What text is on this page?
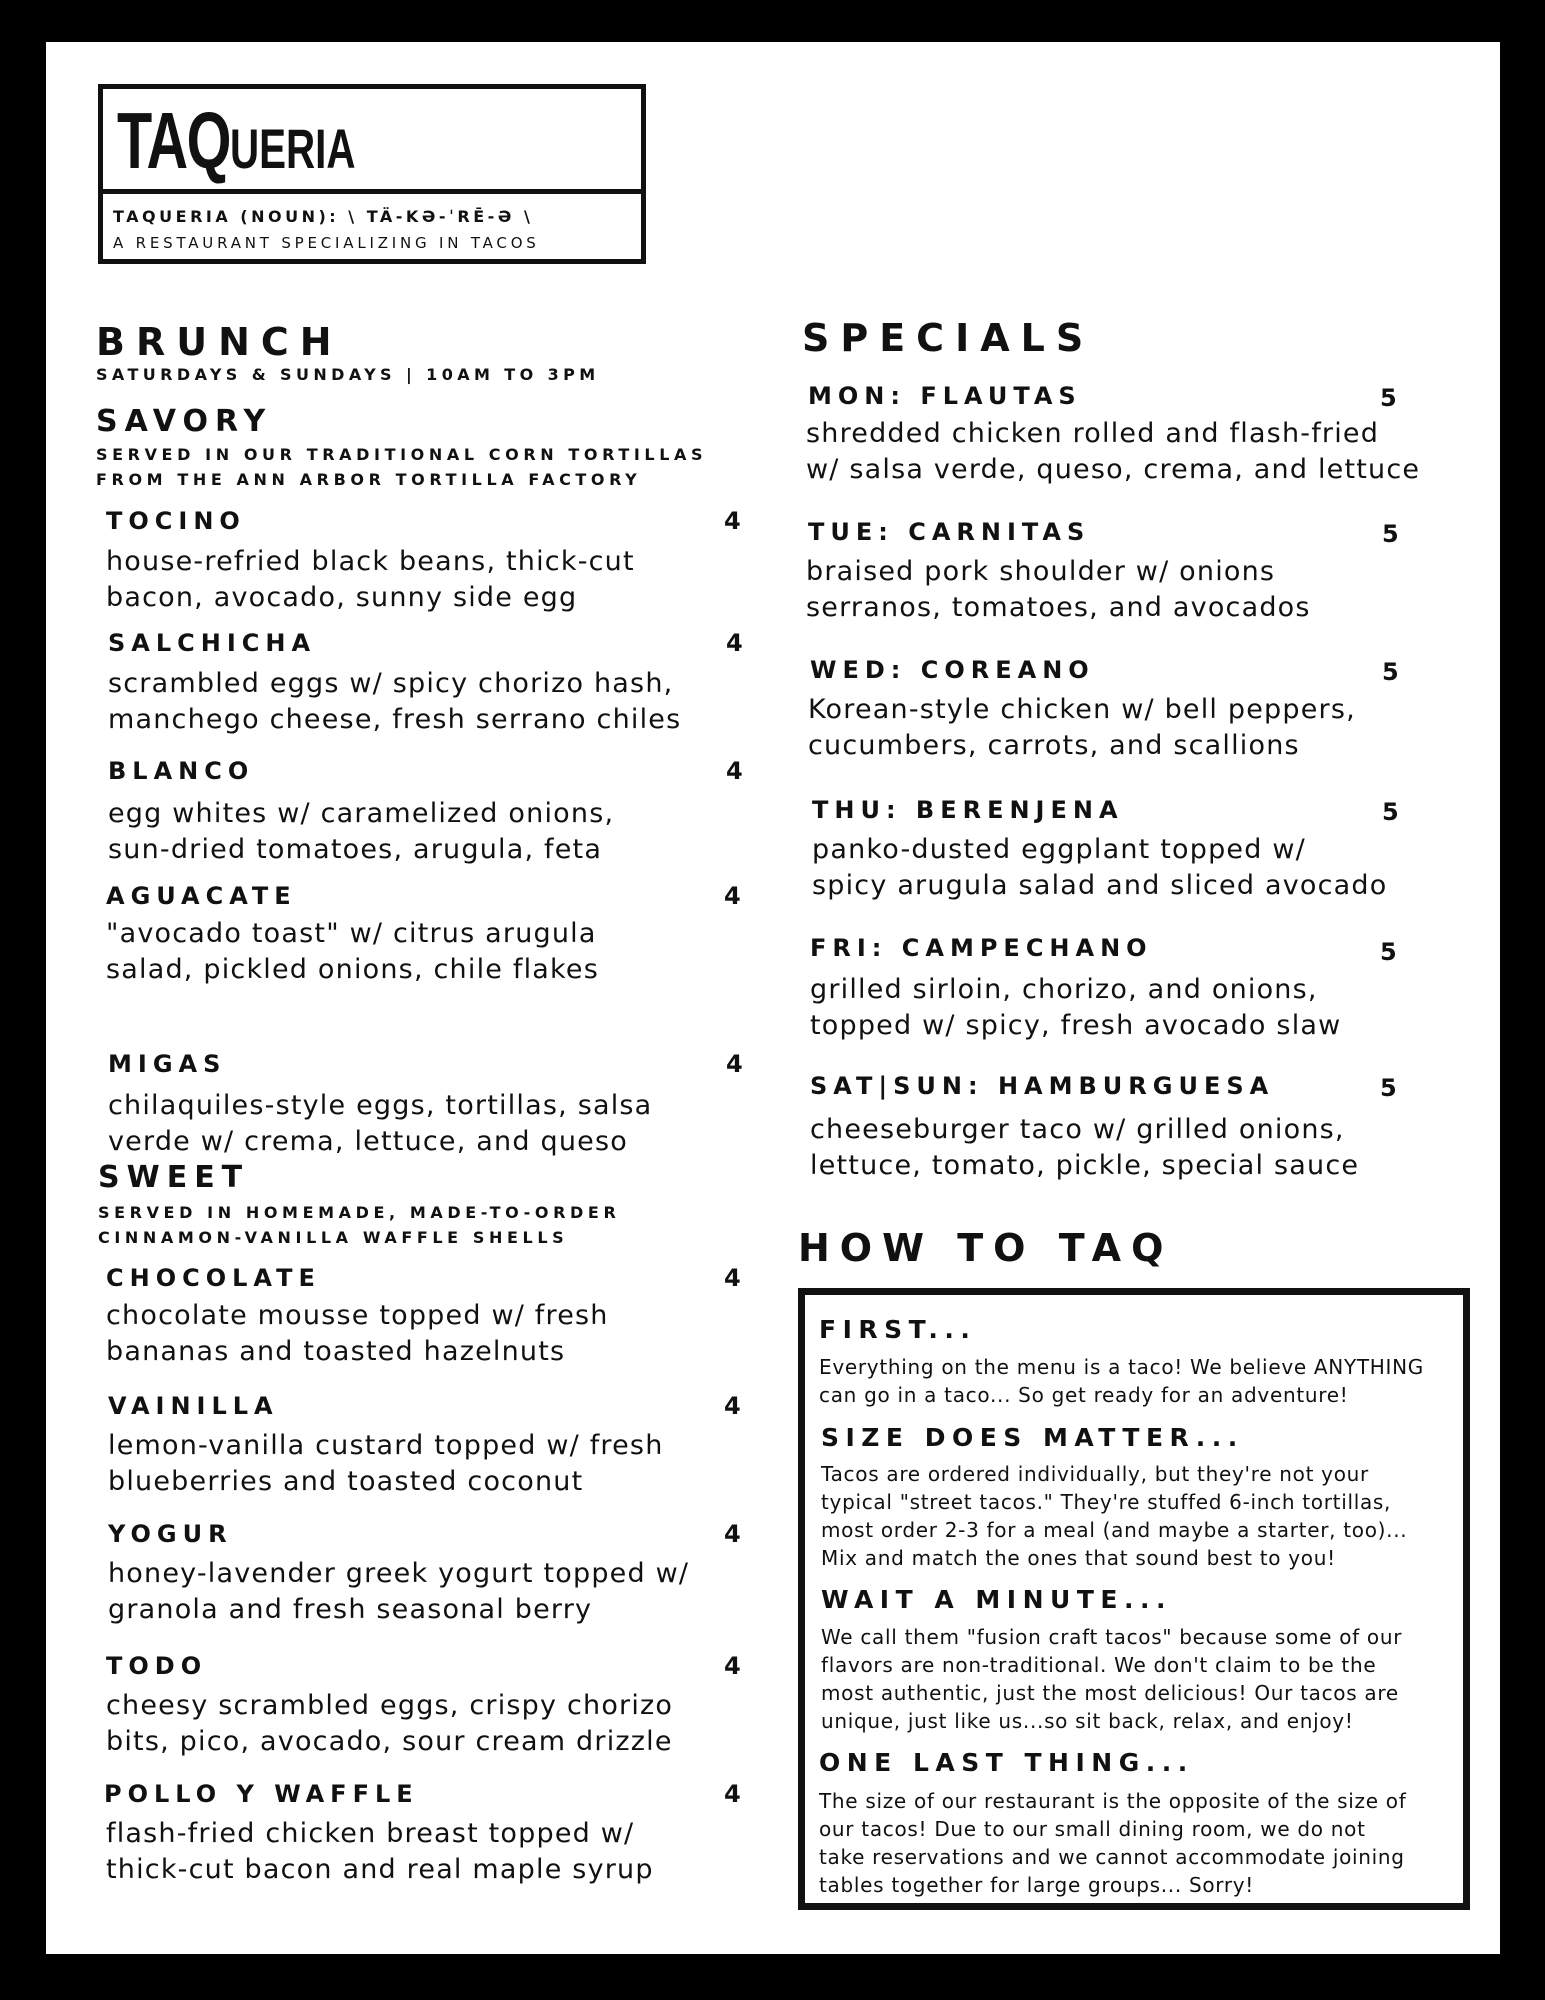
TAQUERIA
TAQUERIA (NOUN): \ TÄ-KƏ-ˈRĒ-Ə \
A RESTAURANT SPECIALIZING IN TACOS
BRUNCH
SATURDAYS & SUNDAYS | 10AM TO 3PM
SAVORY
SERVED IN OUR TRADITIONAL CORN TORTILLAS
FROM THE ANN ARBOR TORTILLA FACTORY
TOCINO	4
house-refried black beans, thick-cut
bacon, avocado, sunny side egg
SALCHICHA	4
scrambled eggs w/ spicy chorizo hash,
manchego cheese, fresh serrano chiles
BLANCO	4
egg whites w/ caramelized onions,
sun-dried tomatoes, arugula, feta
AGUACATE	4
"avocado toast" w/ citrus arugula
salad, pickled onions, chile flakes
MIGAS	4
chilaquiles-style eggs, tortillas, salsa
verde w/ crema, lettuce, and queso
SWEET
SERVED IN HOMEMADE, MADE-TO-ORDER
CINNAMON-VANILLA WAFFLE SHELLS
CHOCOLATE	4
chocolate mousse topped w/ fresh
bananas and toasted hazelnuts
VAINILLA	4
lemon-vanilla custard topped w/ fresh
blueberries and toasted coconut
YOGUR	4
honey-lavender greek yogurt topped w/
granola and fresh seasonal berry
TODO	4
cheesy scrambled eggs, crispy chorizo
bits, pico, avocado, sour cream drizzle
POLLO Y WAFFLE	4
flash-fried chicken breast topped w/
thick-cut bacon and real maple syrup
SPECIALS
MON: FLAUTAS	5
shredded chicken rolled and flash-fried
w/ salsa verde, queso, crema, and lettuce
TUE: CARNITAS	5
braised pork shoulder w/ onions
serranos, tomatoes, and avocados
WED: COREANO	5
Korean-style chicken w/ bell peppers,
cucumbers, carrots, and scallions
THU: BERENJENA	5
panko-dusted eggplant topped w/
spicy arugula salad and sliced avocado
FRI: CAMPECHANO	5
grilled sirloin, chorizo, and onions,
topped w/ spicy, fresh avocado slaw
SAT|SUN: HAMBURGUESA	5
cheeseburger taco w/ grilled onions,
lettuce, tomato, pickle, special sauce
HOW TO TAQ
FIRST...
Everything on the menu is a taco! We believe ANYTHING
can go in a taco... So get ready for an adventure!
SIZE DOES MATTER...
Tacos are ordered individually, but they're not your
typical "street tacos." They're stuffed 6-inch tortillas,
most order 2-3 for a meal (and maybe a starter, too)...
Mix and match the ones that sound best to you!
WAIT A MINUTE...
We call them "fusion craft tacos" because some of our
flavors are non-traditional. We don't claim to be the
most authentic, just the most delicious! Our tacos are
unique, just like us...so sit back, relax, and enjoy!
ONE LAST THING...
The size of our restaurant is the opposite of the size of
our tacos! Due to our small dining room, we do not
take reservations and we cannot accommodate joining
tables together for large groups... Sorry!
